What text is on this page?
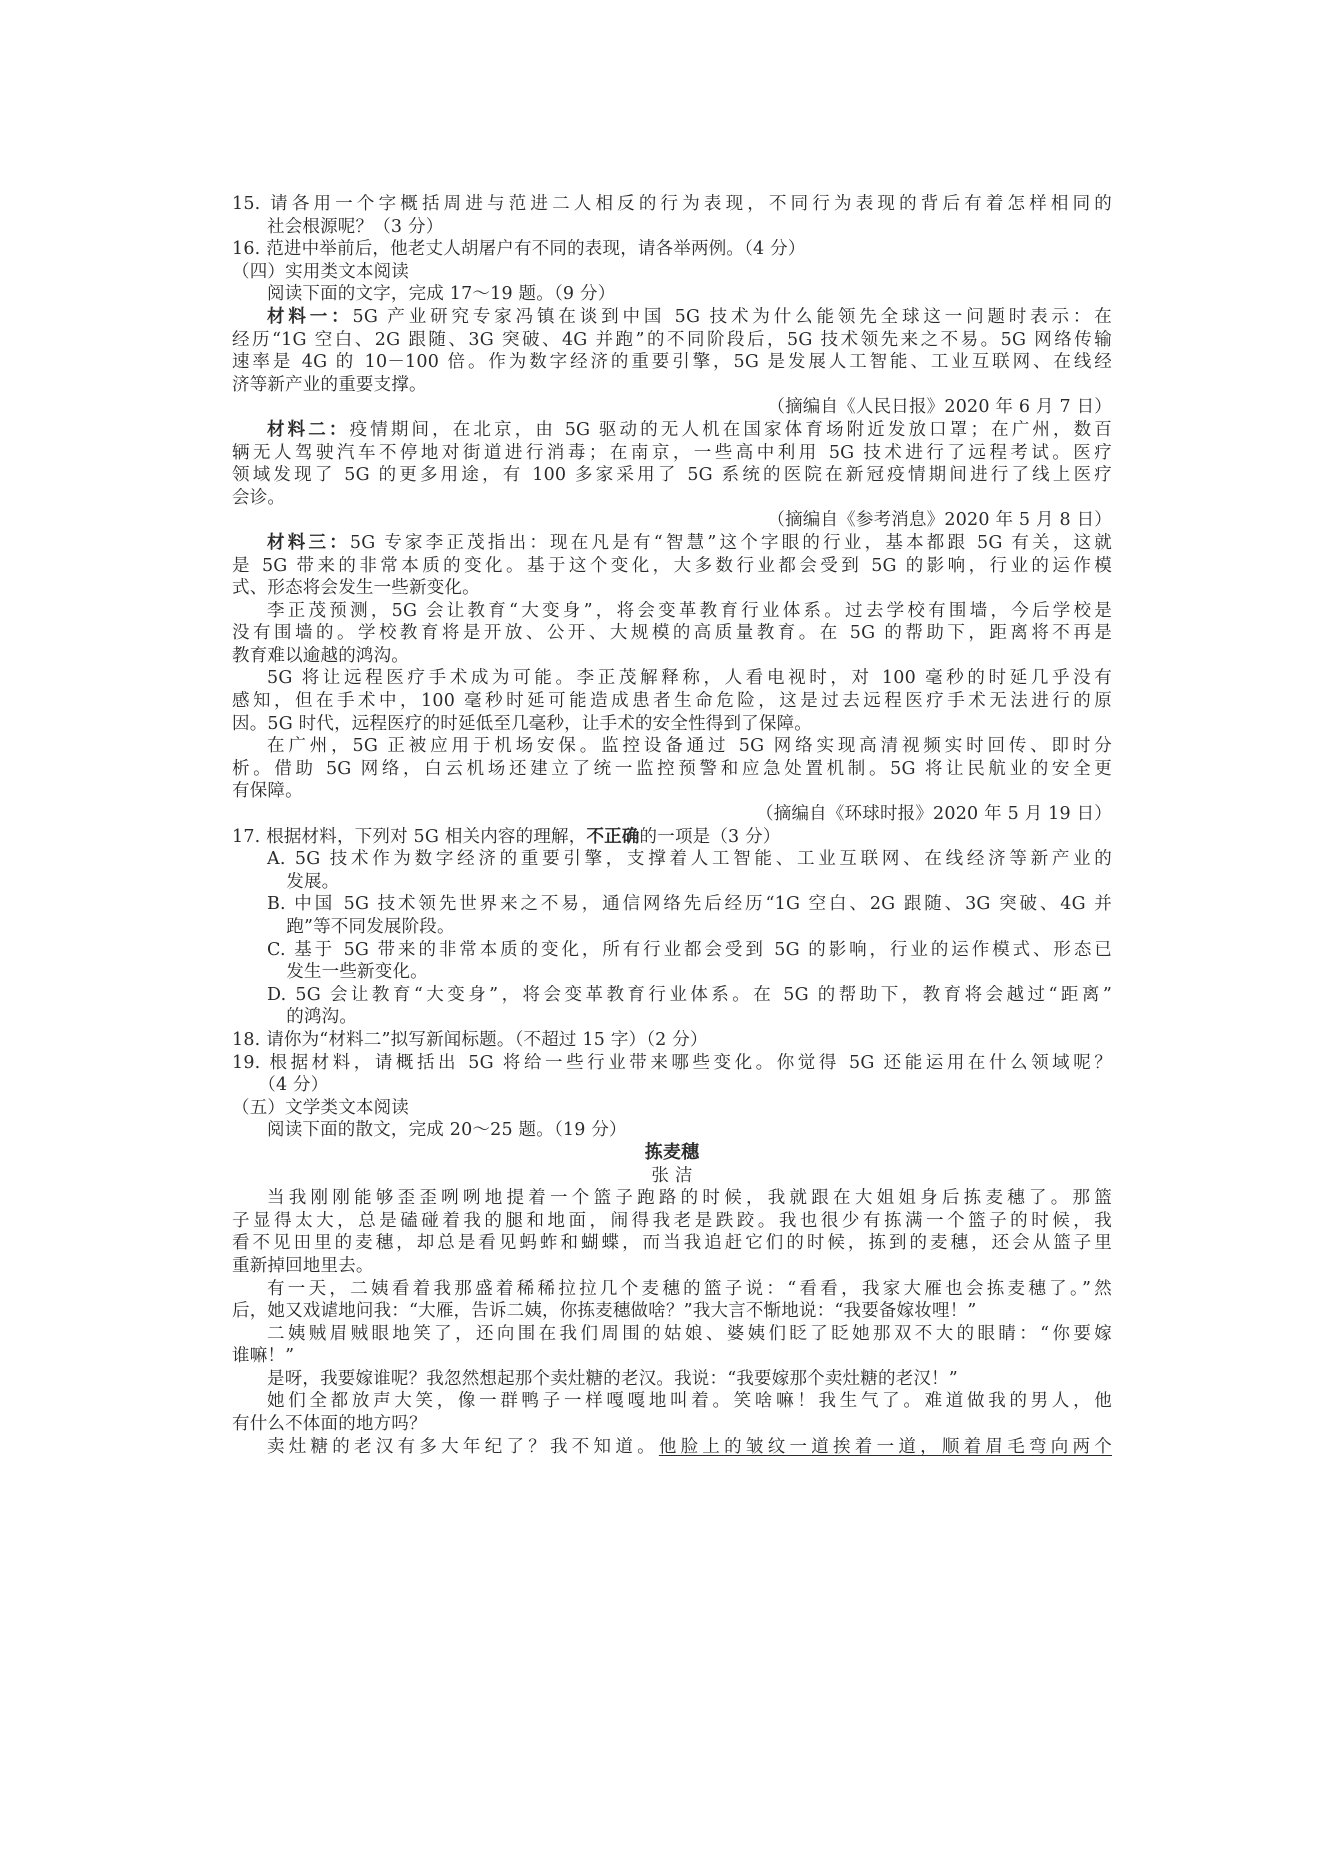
15. 请各用一个字概括周进与范进二人相反的行为表现，不同行为表现的背后有着怎样相同的
社会根源呢？（3 分）
16. 范进中举前后，他老丈人胡屠户有不同的表现，请各举两例。（4 分）
（四）实用类文本阅读
阅读下面的文字，完成 17～19 题。（9 分）
材料一：5G 产业研究专家冯镇在谈到中国 5G 技术为什么能领先全球这一问题时表示：在
经历“1G 空白、2G 跟随、3G 突破、4G 并跑”的不同阶段后，5G 技术领先来之不易。5G 网络传输
速率是 4G 的 10－100 倍。作为数字经济的重要引擎，5G 是发展人工智能、工业互联网、在线经
济等新产业的重要支撑。
（摘编自《人民日报》2020 年 6 月 7 日）
材料二：疫情期间，在北京，由 5G 驱动的无人机在国家体育场附近发放口罩；在广州，数百
辆无人驾驶汽车不停地对街道进行消毒；在南京，一些高中利用 5G 技术进行了远程考试。医疗
领域发现了 5G 的更多用途，有 100 多家采用了 5G 系统的医院在新冠疫情期间进行了线上医疗
会诊。
（摘编自《参考消息》2020 年 5 月 8 日）
材料三：5G 专家李正茂指出：现在凡是有“智慧”这个字眼的行业，基本都跟 5G 有关，这就
是 5G 带来的非常本质的变化。基于这个变化，大多数行业都会受到 5G 的影响，行业的运作模
式、形态将会发生一些新变化。
李正茂预测，5G 会让教育“大变身”，将会变革教育行业体系。过去学校有围墙，今后学校是
没有围墙的。学校教育将是开放、公开、大规模的高质量教育。在 5G 的帮助下，距离将不再是
教育难以逾越的鸿沟。
5G 将让远程医疗手术成为可能。李正茂解释称，人看电视时，对 100 毫秒的时延几乎没有
感知，但在手术中，100 毫秒时延可能造成患者生命危险，这是过去远程医疗手术无法进行的原
因。5G 时代，远程医疗的时延低至几毫秒，让手术的安全性得到了保障。
在广州，5G 正被应用于机场安保。监控设备通过 5G 网络实现高清视频实时回传、即时分
析。借助 5G 网络，白云机场还建立了统一监控预警和应急处置机制。5G 将让民航业的安全更
有保障。
（摘编自《环球时报》2020 年 5 月 19 日）
17. 根据材料，下列对 5G 相关内容的理解，不正确的一项是（3 分）
A. 5G 技术作为数字经济的重要引擎，支撑着人工智能、工业互联网、在线经济等新产业的
发展。
B. 中国 5G 技术领先世界来之不易，通信网络先后经历“1G 空白、2G 跟随、3G 突破、4G 并
跑”等不同发展阶段。
C. 基于 5G 带来的非常本质的变化，所有行业都会受到 5G 的影响，行业的运作模式、形态已
发生一些新变化。
D. 5G 会让教育“大变身”，将会变革教育行业体系。在 5G 的帮助下，教育将会越过“距离”
的鸿沟。
18. 请你为“材料二”拟写新闻标题。（不超过 15 字）（2 分）
19. 根据材料，请概括出 5G 将给一些行业带来哪些变化。你觉得 5G 还能运用在什么领域呢？
（4 分）
（五）文学类文本阅读
阅读下面的散文，完成 20～25 题。（19 分）
拣麦穗
张 洁
当我刚刚能够歪歪咧咧地提着一个篮子跑路的时候，我就跟在大姐姐身后拣麦穗了。那篮
子显得太大，总是磕碰着我的腿和地面，闹得我老是跌跤。我也很少有拣满一个篮子的时候，我
看不见田里的麦穗，却总是看见蚂蚱和蝴蝶，而当我追赶它们的时候，拣到的麦穗，还会从篮子里
重新掉回地里去。
有一天，二姨看着我那盛着稀稀拉拉几个麦穗的篮子说：“看看，我家大雁也会拣麦穗了。”然
后，她又戏谑地问我：“大雁，告诉二姨，你拣麦穗做啥？”我大言不惭地说：“我要备嫁妆哩！”
二姨贼眉贼眼地笑了，还向围在我们周围的姑娘、婆姨们眨了眨她那双不大的眼睛：“你要嫁
谁嘛！”
是呀，我要嫁谁呢？我忽然想起那个卖灶糖的老汉。我说：“我要嫁那个卖灶糖的老汉！”
她们全都放声大笑，像一群鸭子一样嘎嘎地叫着。笑啥嘛！我生气了。难道做我的男人，他
有什么不体面的地方吗？
卖灶糖的老汉有多大年纪了？我不知道。他脸上的皱纹一道挨着一道，顺着眉毛弯向两个
